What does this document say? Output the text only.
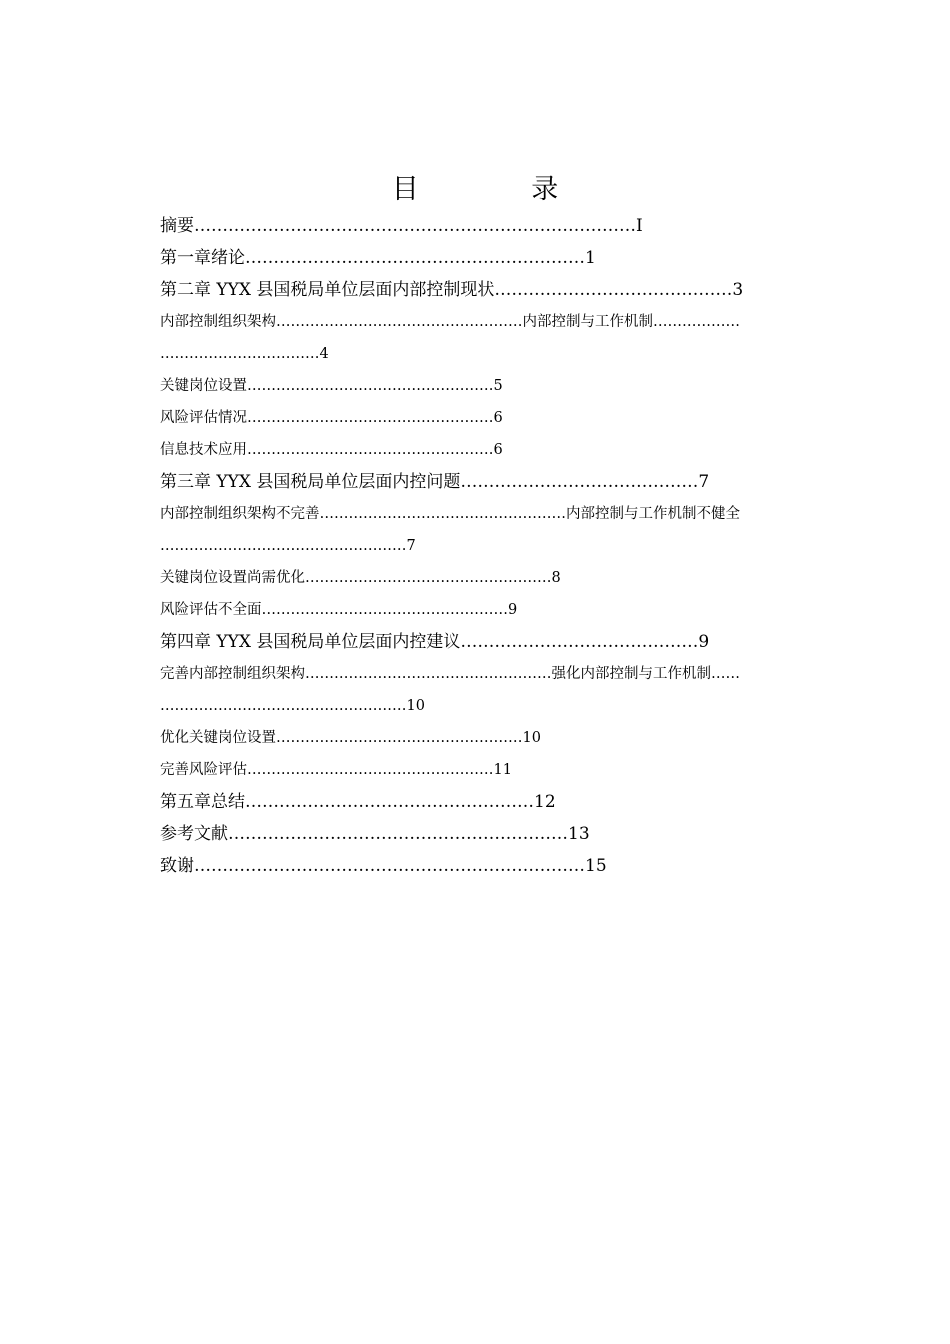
目 录
摘要……………………………………………………………………I
第一章绪论……………………………………………………1
第二章 YYX 县国税局单位层面内部控制现状……………………………………3
内部控制组织架构……………………………………………内部控制与工作机制………………
……………………………4
关键岗位设置……………………………………………5
风险评估情况……………………………………………6
信息技术应用……………………………………………6
第三章 YYX 县国税局单位层面内控问题……………………………………7
内部控制组织架构不完善……………………………………………内部控制与工作机制不健全
……………………………………………7
关键岗位设置尚需优化……………………………………………8
风险评估不全面……………………………………………9
第四章 YYX 县国税局单位层面内控建议……………………………………9
完善内部控制组织架构……………………………………………强化内部控制与工作机制……
……………………………………………10
优化关键岗位设置……………………………………………10
完善风险评估……………………………………………11
第五章总结……………………………………………12
参考文献……………………………………………………13
致谢……………………………………………………………15
